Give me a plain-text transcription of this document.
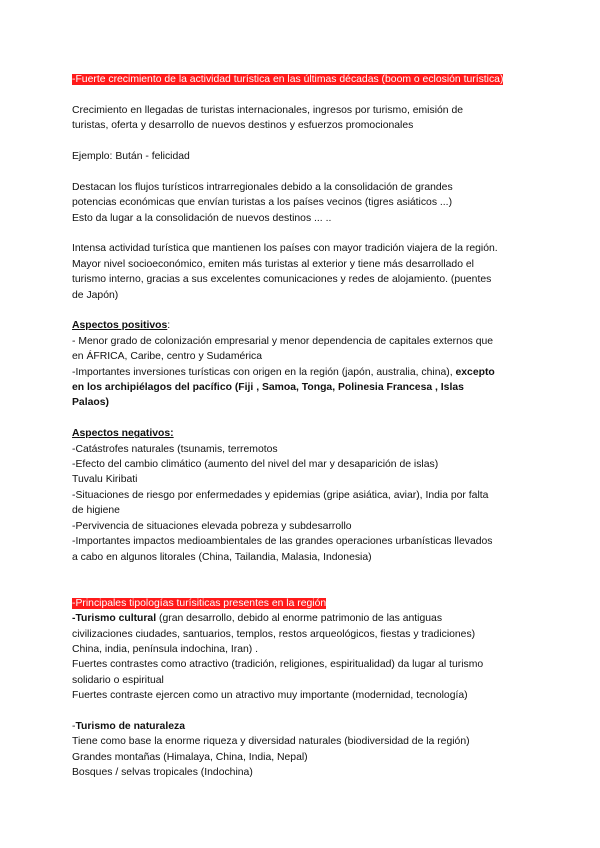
-Fuerte crecimiento de la actividad turística en las últimas décadas (boom o eclosión turística)

Crecimiento en llegadas de turistas internacionales, ingresos por turismo, emisión de

turistas, oferta y desarrollo de nuevos destinos y esfuerzos promocionales

Ejemplo: Bután - felicidad

Destacan los flujos turísticos intrarregionales debido a la consolidación de grandes

potencias económicas que envían turistas a los países vecinos (tigres asiáticos ...)

Esto da lugar a la consolidación de nuevos destinos ... ..

Intensa actividad turística que mantienen los países con mayor tradición viajera de la región.

Mayor nivel socioeconómico, emiten más turistas al exterior y tiene más desarrollado el

turismo interno, gracias a sus excelentes comunicaciones y redes de alojamiento. (puentes

de Japón)

Aspectos positivos:

- Menor grado de colonización empresarial y menor dependencia de capitales externos que

en ÁFRICA, Caribe, centro y Sudamérica

-Importantes inversiones turísticas con origen en la región (japón, australia, china), excepto

en los archipiélagos del pacífico (Fiji , Samoa, Tonga, Polinesia Francesa , Islas

Palaos)

Aspectos negativos:

-Catástrofes naturales (tsunamis, terremotos

-Efecto del cambio climático (aumento del nivel del mar y desaparición de islas)

Tuvalu Kiribati

-Situaciones de riesgo por enfermedades y epidemias (gripe asiática, aviar), India por falta

de higiene

-Pervivencia de situaciones elevada pobreza y subdesarrollo

-Importantes impactos medioambientales de las grandes operaciones urbanísticas llevados

a cabo en algunos litorales (China, Tailandia, Malasia, Indonesia)

-Principales tipologías turísiticas presentes en la región

-Turismo cultural (gran desarrollo, debido al enorme patrimonio de las antiguas

civilizaciones ciudades, santuarios, templos, restos arqueológicos, fiestas y tradiciones)

China, india, península indochina, Iran) .

Fuertes contrastes como atractivo (tradición, religiones, espiritualidad) da lugar al turismo

solidario o espiritual

Fuertes contraste ejercen como un atractivo muy importante (modernidad, tecnología)

-Turismo de naturaleza

Tiene como base la enorme riqueza y diversidad naturales (biodiversidad de la región)

Grandes montañas (Himalaya, China, India, Nepal)

Bosques / selvas tropicales (Indochina)
